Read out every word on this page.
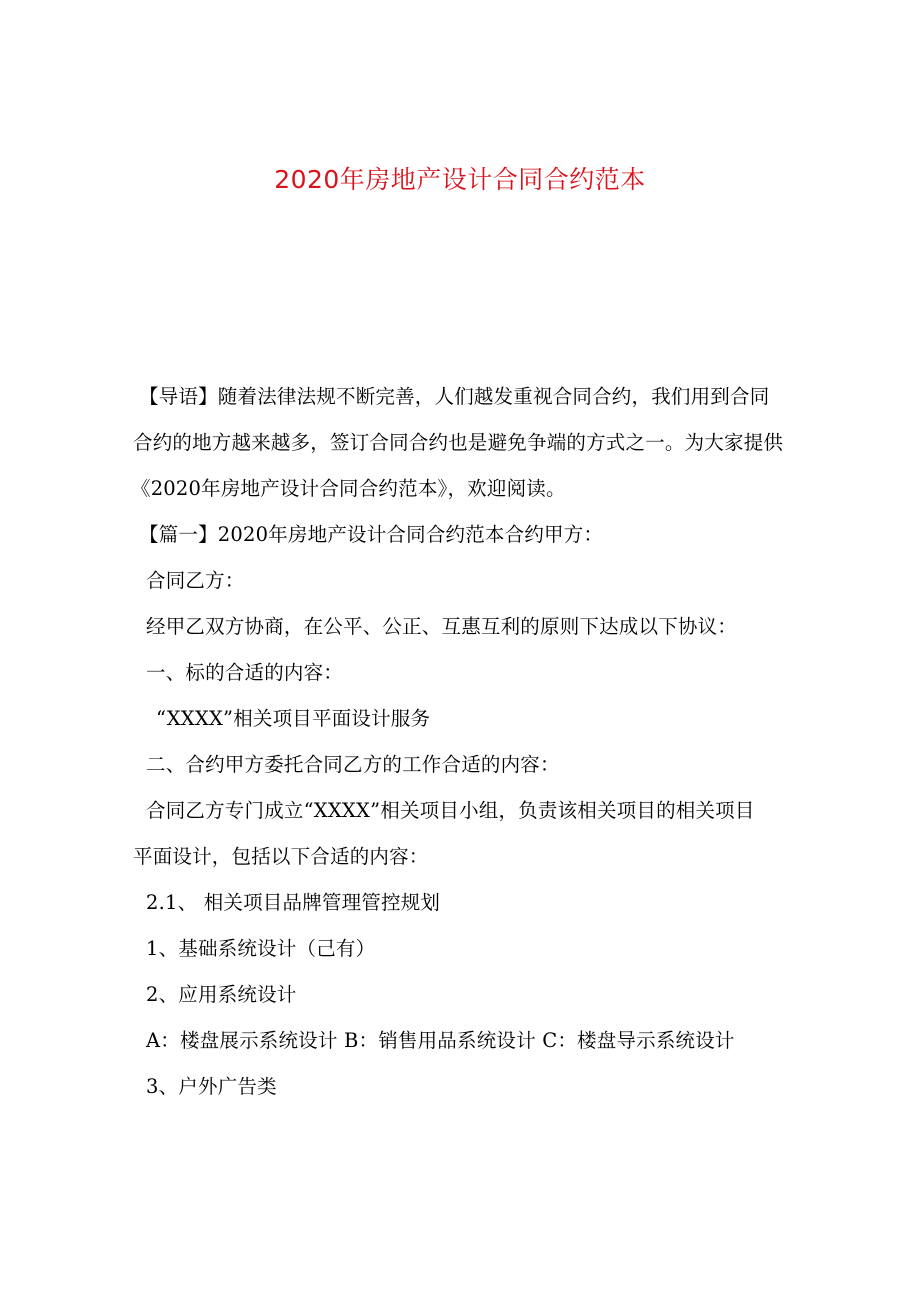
2020年房地产设计合同合约范本
【导语】随着法律法规不断完善，人们越发重视合同合约，我们用到合同
合约的地方越来越多，签订合同合约也是避免争端的方式之一。为大家提供
《2020年房地产设计合同合约范本》，欢迎阅读。
【篇一】2020年房地产设计合同合约范本合约甲方：
合同乙方：
经甲乙双方协商，在公平、公正、互惠互利的原则下达成以下协议：
一、标的合适的内容：
“XXXX”相关项目平面设计服务
二、合约甲方委托合同乙方的工作合适的内容：
合同乙方专门成立“XXXX”相关项目小组，负责该相关项目的相关项目
平面设计，包括以下合适的内容：
2.1、 相关项目品牌管理管控规划
1、基础系统设计（己有）
2、应用系统设计
A：楼盘展示系统设计 B：销售用品系统设计 C：楼盘导示系统设计
3、户外广告类
